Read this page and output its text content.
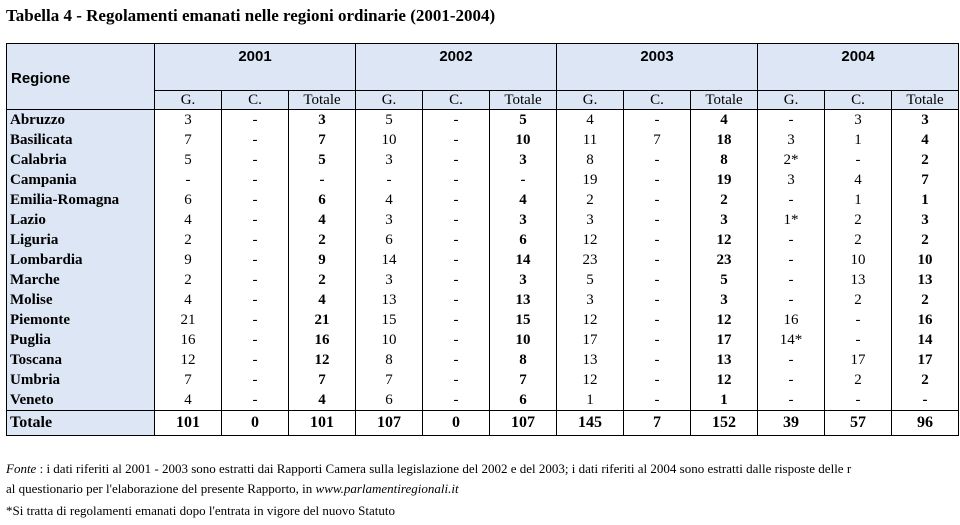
Tabella 4 - Regolamenti emanati nelle regioni ordinarie (2001-2004)
Regione	2001			2002			2003			2004		
	G.	C.	Totale	G.	C.	Totale	G.	C.	Totale	G.	C.	Totale
Abruzzo	3	-	3	5	-	5	4	-	4	-	3	3
Basilicata	7	-	7	10	-	10	11	7	18	3	1	4
Calabria	5	-	5	3	-	3	8	-	8	2*	-	2
Campania	-	-	-	-	-	-	19	-	19	3	4	7
Emilia-Romagna	6	-	6	4	-	4	2	-	2	-	1	1
Lazio	4	-	4	3	-	3	3	-	3	1*	2	3
Liguria	2	-	2	6	-	6	12	-	12	-	2	2
Lombardia	9	-	9	14	-	14	23	-	23	-	10	10
Marche	2	-	2	3	-	3	5	-	5	-	13	13
Molise	4	-	4	13	-	13	3	-	3	-	2	2
Piemonte	21	-	21	15	-	15	12	-	12	16	-	16
Puglia	16	-	16	10	-	10	17	-	17	14*	-	14
Toscana	12	-	12	8	-	8	13	-	13	-	17	17
Umbria	7	-	7	7	-	7	12	-	12	-	2	2
Veneto	4	-	4	6	-	6	1	-	1	-	-	-
Totale	101	0	101	107	0	107	145	7	152	39	57	96
Fonte : i dati riferiti al 2001 - 2003 sono estratti dai Rapporti Camera sulla legislazione del 2002 e del 2003; i dati riferiti al 2004 sono estratti dalle risposte delle r
al questionario per l'elaborazione del presente Rapporto, in www.parlamentiregionali.it
*Si tratta di regolamenti emanati dopo l'entrata in vigore del nuovo Statuto
